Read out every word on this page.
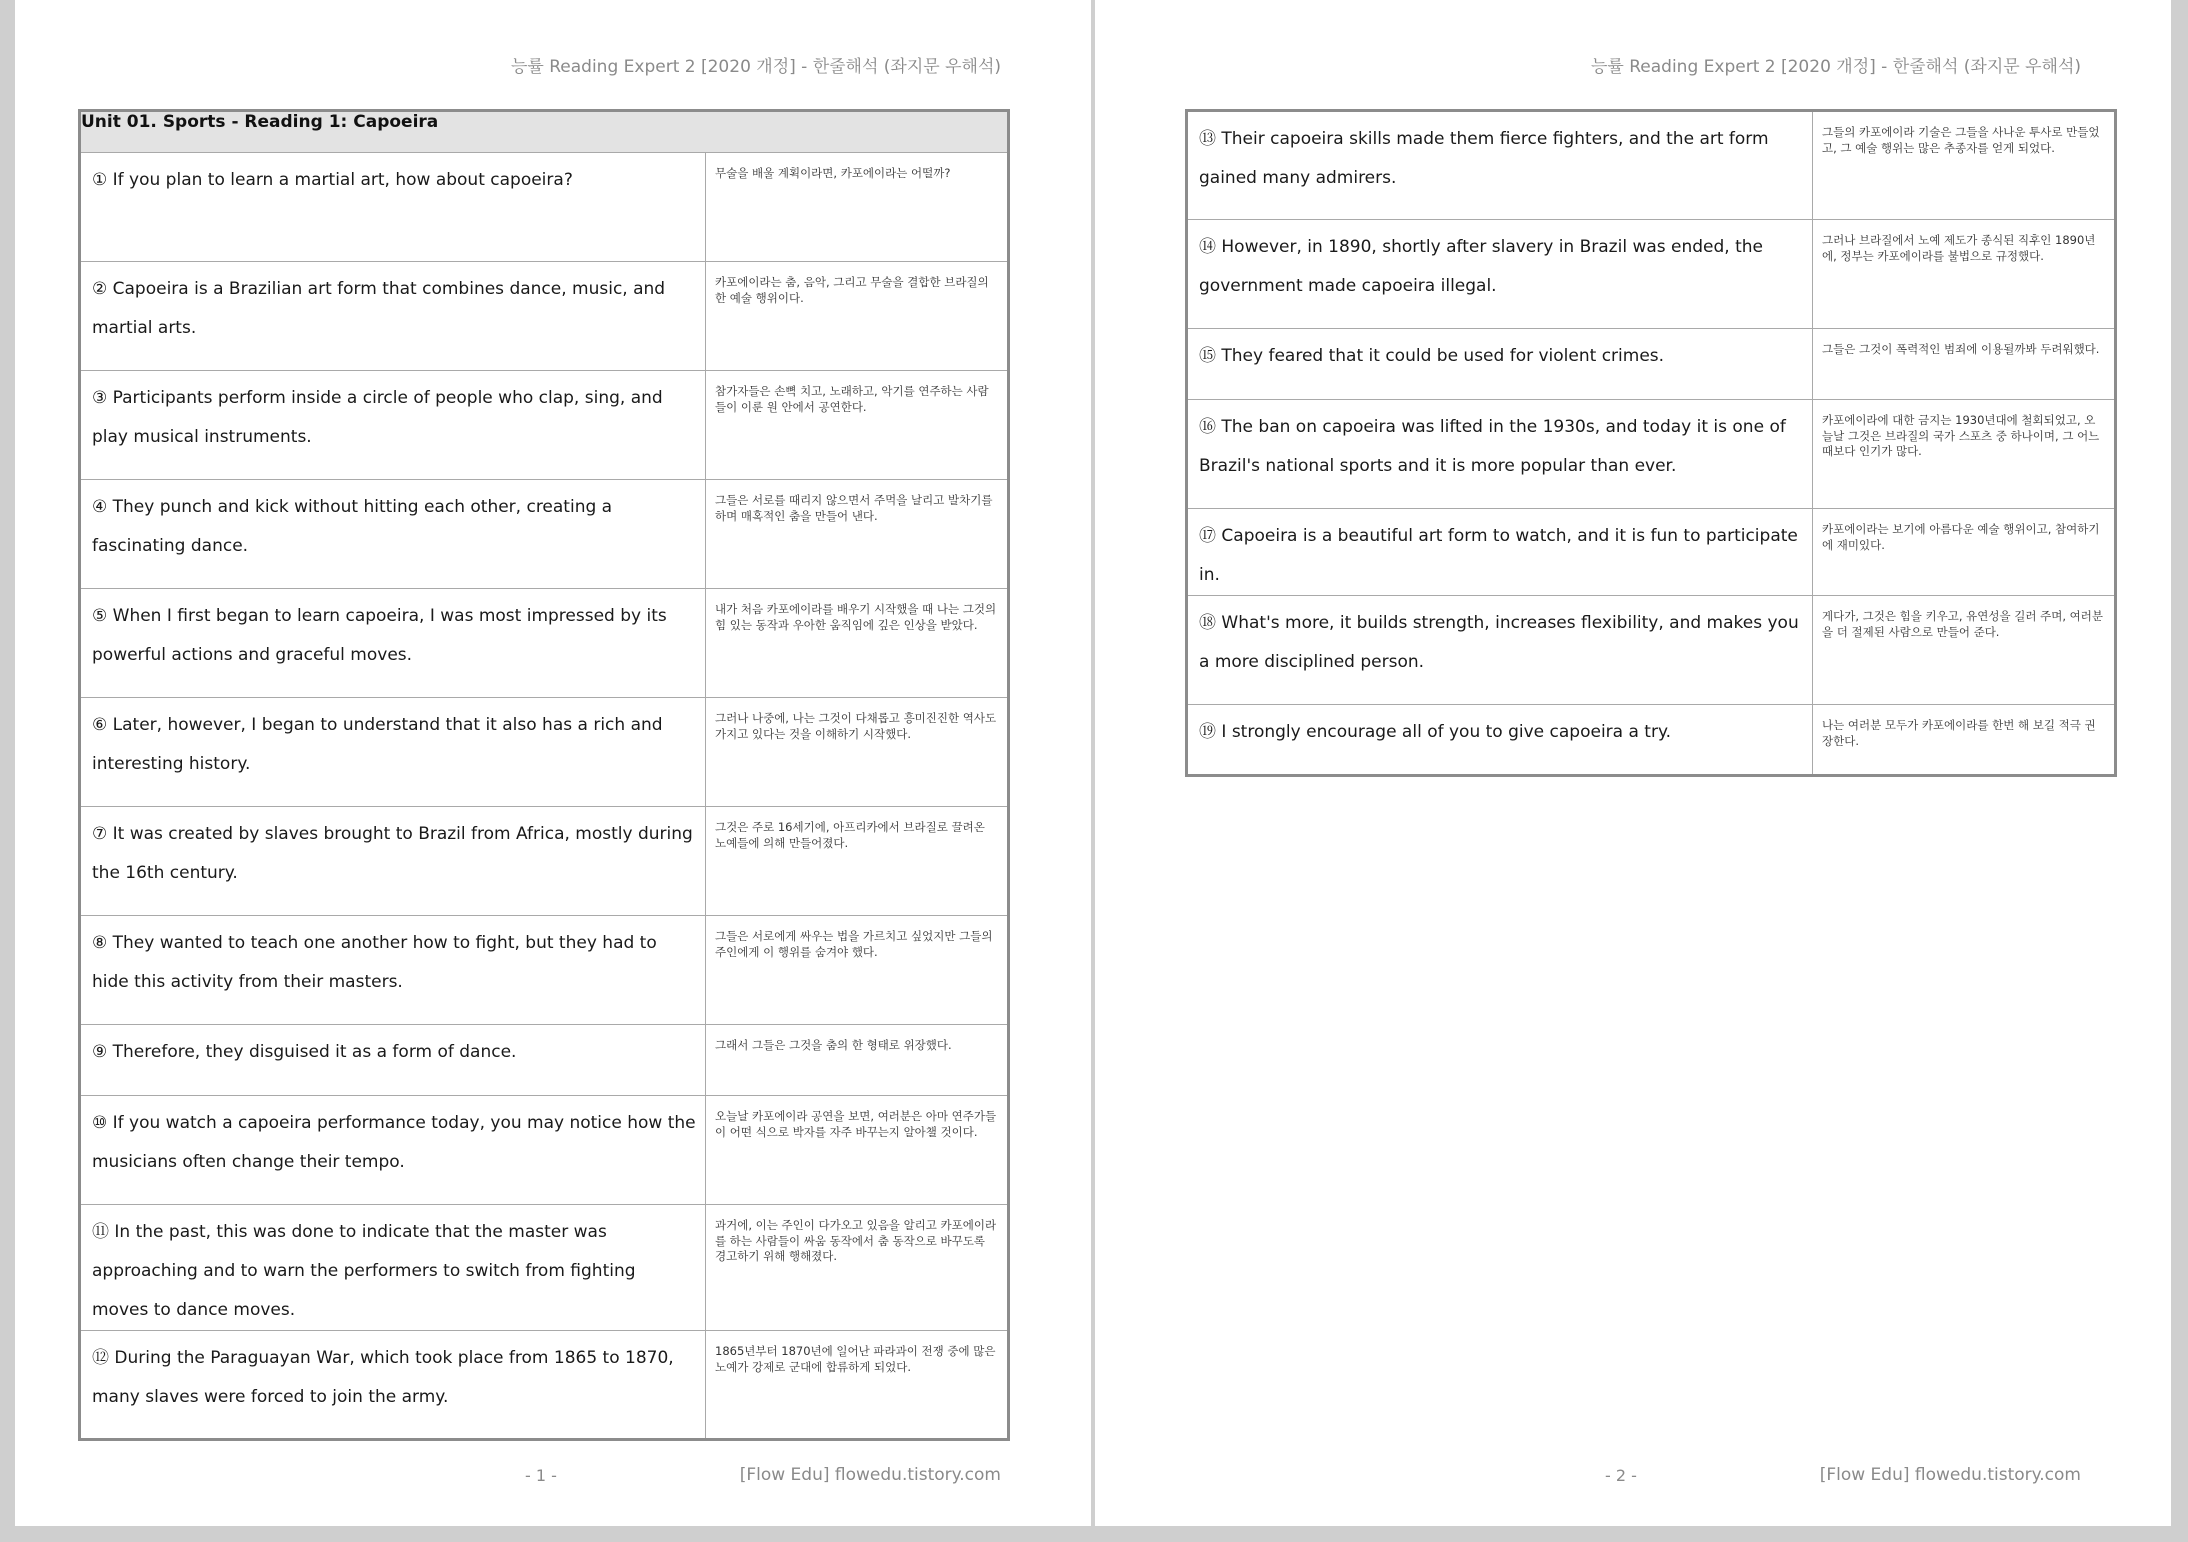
능률 Reading Expert 2 [2020 개정] - 한줄해석 (좌지문 우해석)
Unit 01. Sports - Reading 1: Capoeira	
① If you plan to learn a martial art, how about capoeira?	무술을 배울 계획이라면, 카포에이라는 어떨까?
② Capoeira is a Brazilian art form that combines dance, music, and martial arts.	카포에이라는 춤, 음악, 그리고 무술을 결합한 브라질의 한 예술 행위이다.
③ Participants perform inside a circle of people who clap, sing, and play musical instruments.	참가자들은 손뼉 치고, 노래하고, 악기를 연주하는 사람들이 이룬 원 안에서 공연한다.
④ They punch and kick without hitting each other, creating a fascinating dance.	그들은 서로를 때리지 않으면서 주먹을 날리고 발차기를 하며 매혹적인 춤을 만들어 낸다.
⑤ When I first began to learn capoeira, I was most impressed by its powerful actions and graceful moves.	내가 처음 카포에이라를 배우기 시작했을 때 나는 그것의 힘 있는 동작과 우아한 움직임에 깊은 인상을 받았다.
⑥ Later, however, I began to understand that it also has a rich and interesting history.	그러나 나중에, 나는 그것이 다채롭고 흥미진진한 역사도 가지고 있다는 것을 이해하기 시작했다.
⑦ It was created by slaves brought to Brazil from Africa, mostly during the 16th century.	그것은 주로 16세기에, 아프리카에서 브라질로 끌려온 노예들에 의해 만들어졌다.
⑧ They wanted to teach one another how to fight, but they had to hide this activity from their masters.	그들은 서로에게 싸우는 법을 가르치고 싶었지만 그들의 주인에게 이 행위를 숨겨야 했다.
⑨ Therefore, they disguised it as a form of dance.	그래서 그들은 그것을 춤의 한 형태로 위장했다.
⑩ If you watch a capoeira performance today, you may notice how the musicians often change their tempo.	오늘날 카포에이라 공연을 보면, 여러분은 아마 연주가들이 어떤 식으로 박자를 자주 바꾸는지 알아챌 것이다.
⑪ In the past, this was done to indicate that the master was approaching and to warn the performers to switch from fighting moves to dance moves.	과거에, 이는 주인이 다가오고 있음을 알리고 카포에이라를 하는 사람들이 싸움 동작에서 춤 동작으로 바꾸도록 경고하기 위해 행해졌다.
⑫ During the Paraguayan War, which took place from 1865 to 1870, many slaves were forced to join the army.	1865년부터 1870년에 일어난 파라과이 전쟁 중에 많은 노예가 강제로 군대에 합류하게 되었다.
- 1 -	[Flow Edu] flowedu.tistory.com
능률 Reading Expert 2 [2020 개정] - 한줄해석 (좌지문 우해석)
⑬ Their capoeira skills made them fierce fighters, and the art form gained many admirers.	그들의 카포에이라 기술은 그들을 사나운 투사로 만들었고, 그 예술 행위는 많은 추종자를 얻게 되었다.
⑭ However, in 1890, shortly after slavery in Brazil was ended, the government made capoeira illegal.	그러나 브라질에서 노예 제도가 종식된 직후인 1890년에, 정부는 카포에이라를 불법으로 규정했다.
⑮ They feared that it could be used for violent crimes.	그들은 그것이 폭력적인 범죄에 이용될까봐 두려워했다.
⑯ The ban on capoeira was lifted in the 1930s, and today it is one of Brazil's national sports and it is more popular than ever.	카포에이라에 대한 금지는 1930년대에 철회되었고, 오늘날 그것은 브라질의 국가 스포츠 중 하나이며, 그 어느 때보다 인기가 많다.
⑰ Capoeira is a beautiful art form to watch, and it is fun to participate in.	카포에이라는 보기에 아름다운 예술 행위이고, 참여하기에 재미있다.
⑱ What's more, it builds strength, increases flexibility, and makes you a more disciplined person.	게다가, 그것은 힘을 키우고, 유연성을 길러 주며, 여러분을 더 절제된 사람으로 만들어 준다.
⑲ I strongly encourage all of you to give capoeira a try.	나는 여러분 모두가 카포에이라를 한번 해 보길 적극 권장한다.
- 2 -	[Flow Edu] flowedu.tistory.com
